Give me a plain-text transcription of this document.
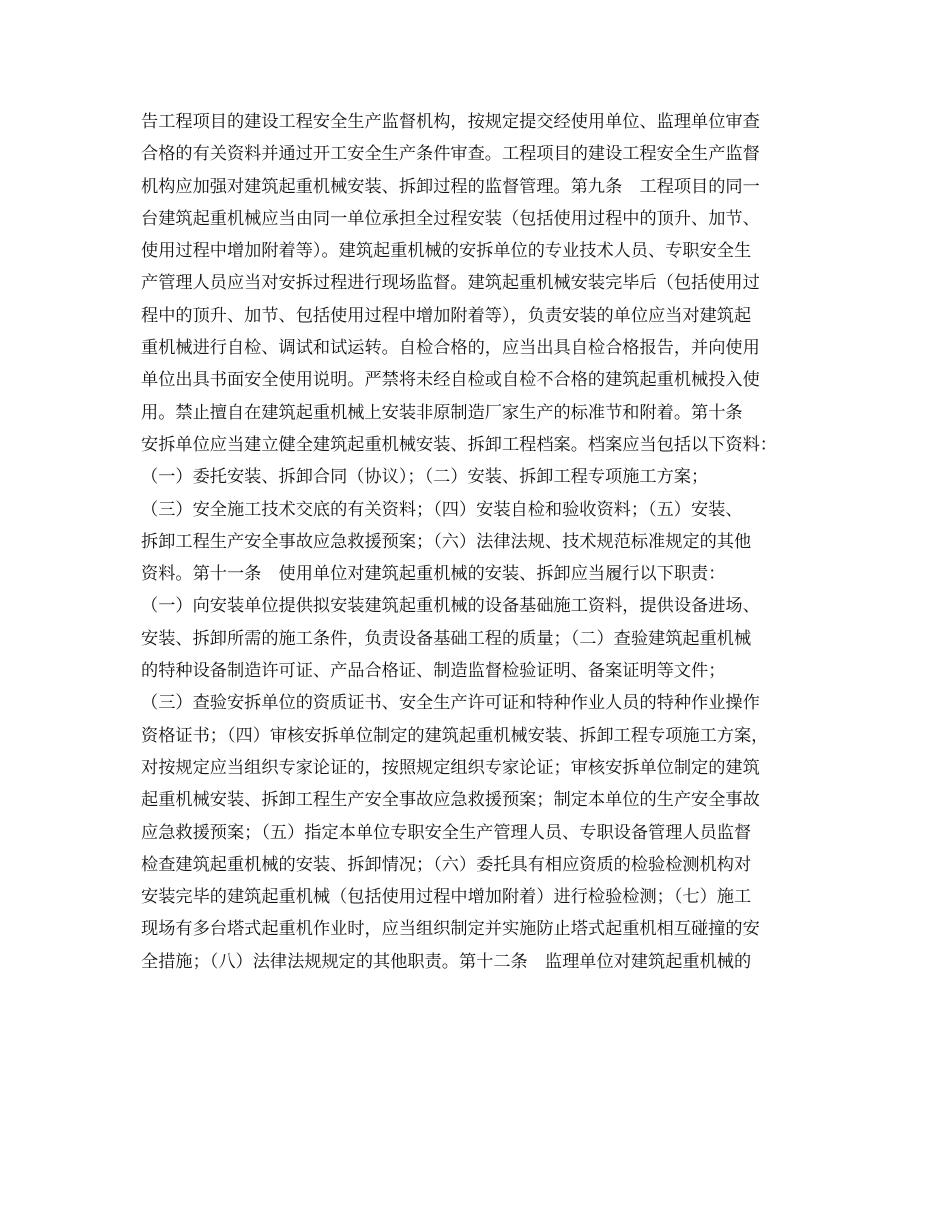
告工程项目的建设工程安全生产监督机构，按规定提交经使用单位、监理单位审查
合格的有关资料并通过开工安全生产条件审查。工程项目的建设工程安全生产监督
机构应加强对建筑起重机械安装、拆卸过程的监督管理。第九条　工程项目的同一
台建筑起重机械应当由同一单位承担全过程安装（包括使用过程中的顶升、加节、
使用过程中增加附着等）。建筑起重机械的安拆单位的专业技术人员、专职安全生
产管理人员应当对安拆过程进行现场监督。建筑起重机械安装完毕后（包括使用过
程中的顶升、加节、包括使用过程中增加附着等），负责安装的单位应当对建筑起
重机械进行自检、调试和试运转。自检合格的，应当出具自检合格报告，并向使用
单位出具书面安全使用说明。严禁将未经自检或自检不合格的建筑起重机械投入使
用。禁止擅自在建筑起重机械上安装非原制造厂家生产的标准节和附着。第十条
安拆单位应当建立健全建筑起重机械安装、拆卸工程档案。档案应当包括以下资料：
（一）委托安装、拆卸合同（协议）；（二）安装、拆卸工程专项施工方案；
（三）安全施工技术交底的有关资料；（四）安装自检和验收资料；（五）安装、
拆卸工程生产安全事故应急救援预案；（六）法律法规、技术规范标准规定的其他
资料。第十一条　使用单位对建筑起重机械的安装、拆卸应当履行以下职责：
（一）向安装单位提供拟安装建筑起重机械的设备基础施工资料，提供设备进场、
安装、拆卸所需的施工条件，负责设备基础工程的质量；（二）查验建筑起重机械
的特种设备制造许可证、产品合格证、制造监督检验证明、备案证明等文件；
（三）查验安拆单位的资质证书、安全生产许可证和特种作业人员的特种作业操作
资格证书；（四）审核安拆单位制定的建筑起重机械安装、拆卸工程专项施工方案，
对按规定应当组织专家论证的，按照规定组织专家论证；审核安拆单位制定的建筑
起重机械安装、拆卸工程生产安全事故应急救援预案；制定本单位的生产安全事故
应急救援预案；（五）指定本单位专职安全生产管理人员、专职设备管理人员监督
检查建筑起重机械的安装、拆卸情况；（六）委托具有相应资质的检验检测机构对
安装完毕的建筑起重机械（包括使用过程中增加附着）进行检验检测；（七）施工
现场有多台塔式起重机作业时，应当组织制定并实施防止塔式起重机相互碰撞的安
全措施；（八）法律法规规定的其他职责。第十二条　监理单位对建筑起重机械的
